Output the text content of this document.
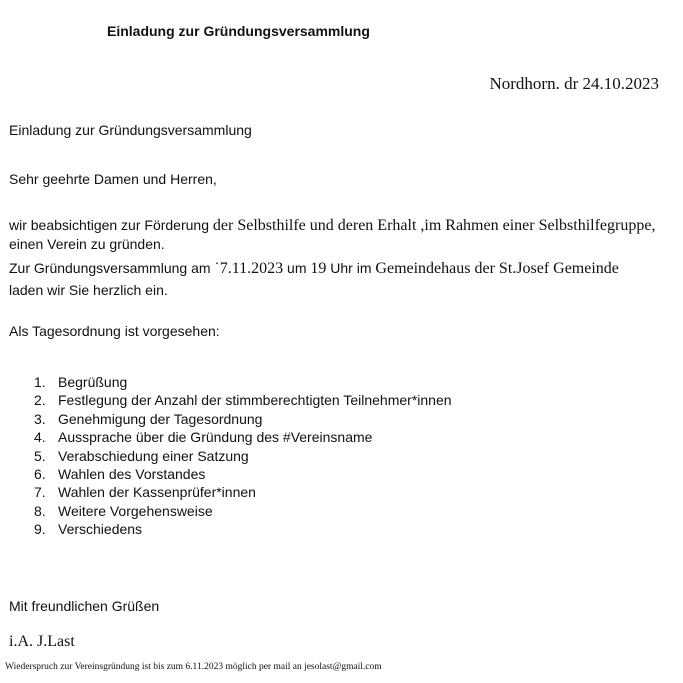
Einladung zur Gründungsversammlung
Nordhorn. dr 24.10.2023
Einladung zur Gründungsversammlung
Sehr geehrte Damen und Herren,
wir beabsichtigen zur Förderung der Selbsthilfe und deren Erhalt ,im Rahmen einer Selbsthilfegruppe,
einen Verein zu gründen.
Zur Gründungsversammlung am ˙7.11.2023 um 19 Uhr im Gemeindehaus der St.Josef Gemeinde
laden wir Sie herzlich ein.
Als Tagesordnung ist vorgesehen:
1. Begrüßung
2. Festlegung der Anzahl der stimmberechtigten Teilnehmer*innen
3. Genehmigung der Tagesordnung
4. Aussprache über die Gründung des #Vereinsname
5. Verabschiedung einer Satzung
6. Wahlen des Vorstandes
7. Wahlen der Kassenprüfer*innen
8. Weitere Vorgehensweise
9. Verschiedens
Mit freundlichen Grüßen
i.A. J.Last
Wiederspruch zur Vereinsgründung ist bis zum 6.11.2023 möglich per mail an jesolast@gmail.com
